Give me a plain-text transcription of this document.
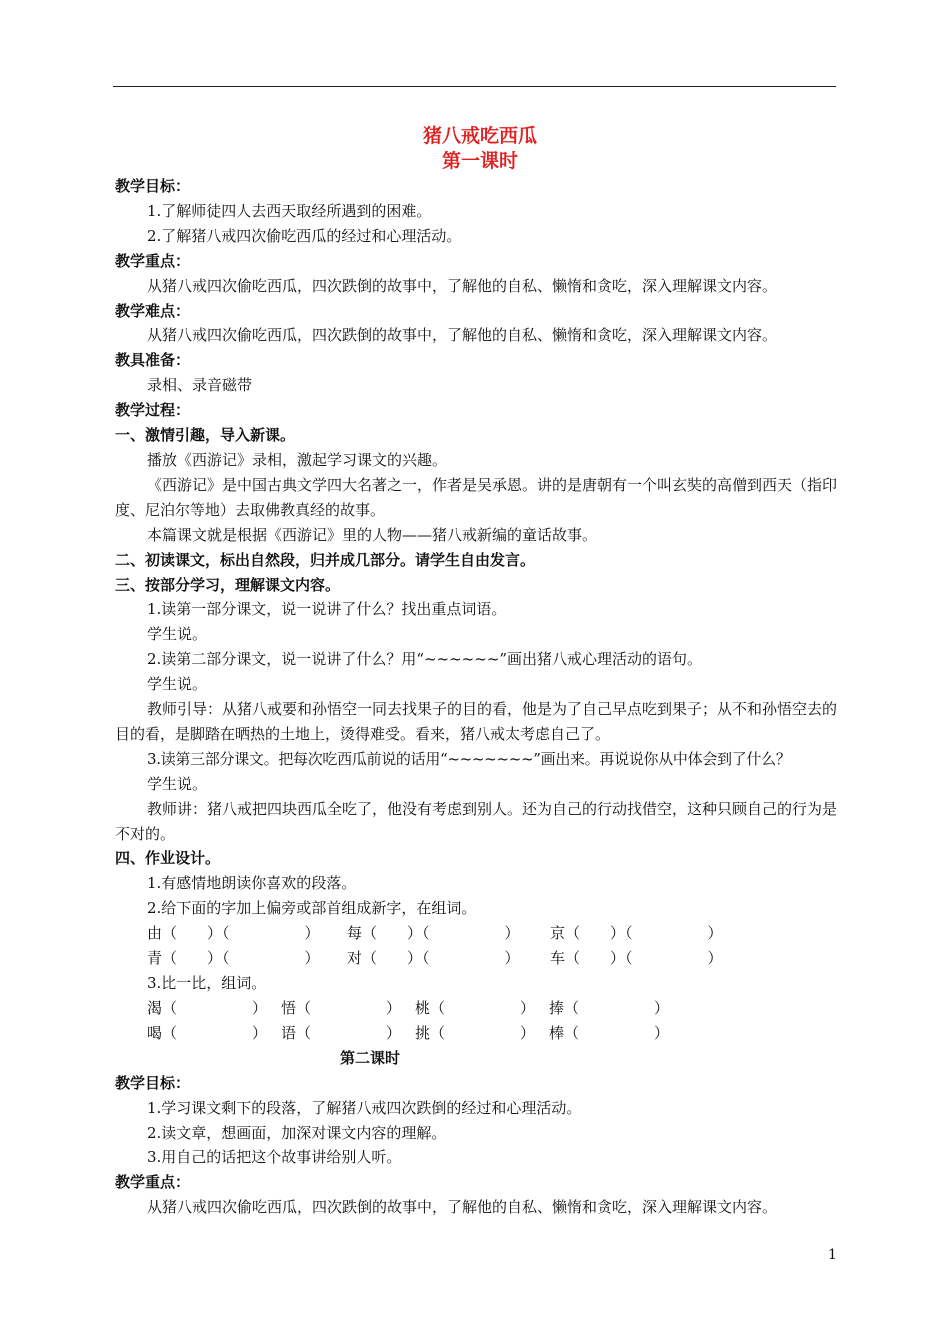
猪八戒吃西瓜
第一课时
教学目标：
1.了解师徒四人去西天取经所遇到的困难。
2.了解猪八戒四次偷吃西瓜的经过和心理活动。
教学重点：
从猪八戒四次偷吃西瓜，四次跌倒的故事中，了解他的自私、懒惰和贪吃，深入理解课文内容。
教学难点：
从猪八戒四次偷吃西瓜，四次跌倒的故事中，了解他的自私、懒惰和贪吃，深入理解课文内容。
教具准备：
录相、录音磁带
教学过程：
一、激情引趣，导入新课。
播放《西游记》录相，激起学习课文的兴趣。
《西游记》是中国古典文学四大名著之一，作者是吴承恩。讲的是唐朝有一个叫玄奘的高僧到西天（指印度、尼泊尔等地）去取佛教真经的故事。
本篇课文就是根据《西游记》里的人物——猪八戒新编的童话故事。
二、初读课文，标出自然段，归并成几部分。请学生自由发言。
三、按部分学习，理解课文内容。
1.读第一部分课文，说一说讲了什么？找出重点词语。
学生说。
2.读第二部分课文，说一说讲了什么？用“~~~~~~”画出猪八戒心理活动的语句。
学生说。
教师引导：从猪八戒要和孙悟空一同去找果子的目的看，他是为了自己早点吃到果子；从不和孙悟空去的目的看，是脚踏在晒热的土地上，烫得难受。看来，猪八戒太考虑自己了。
3.读第三部分课文。把每次吃西瓜前说的话用“~~~~~~~”画出来。再说说你从中体会到了什么？
学生说。
教师讲：猪八戒把四块西瓜全吃了，他没有考虑到别人。还为自己的行动找借空，这种只顾自己的行为是不对的。
四、作业设计。
1.有感情地朗读你喜欢的段落。
2.给下面的字加上偏旁或部首组成新字，在组词。
由（　　）（　　　　　）	每（　　）（　　　　　）	京（　　）（　　　　　）
青（　　）（　　　　　）	对（　　）（　　　　　）	车（　　）（　　　　　）
3.比一比，组词。
渴（　　　　　） 悟（　　　　　） 桃（　　　　　） 捧（　　　　　）
喝（　　　　　） 语（　　　　　） 挑（　　　　　） 棒（　　　　　）
第二课时
教学目标：
1.学习课文剩下的段落，了解猪八戒四次跌倒的经过和心理活动。
2.读文章，想画面，加深对课文内容的理解。
3.用自己的话把这个故事讲给别人听。
教学重点：
从猪八戒四次偷吃西瓜，四次跌倒的故事中，了解他的自私、懒惰和贪吃，深入理解课文内容。
1
